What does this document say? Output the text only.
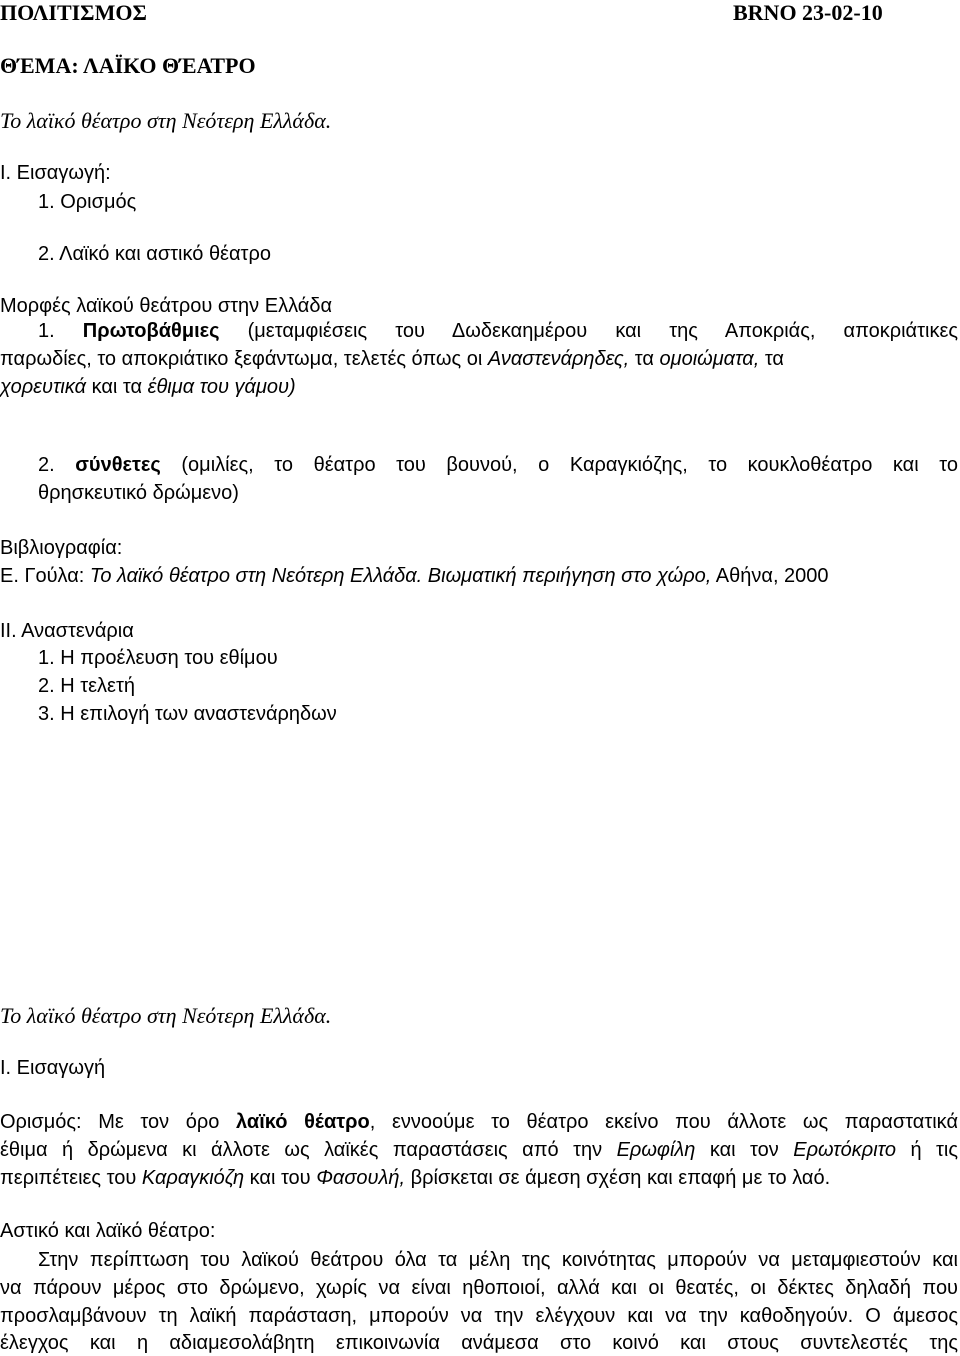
ΠΟΛΙΤΙΣΜΟΣ	BRNO 23-02-10
ΘΈΜΑ: ΛΑΪΚΟ ΘΈΑΤΡΟ
Το λαϊκό θέατρο στη Νεότερη Ελλάδα.
Ι. Εισαγωγή:
1. Ορισμός
2. Λαϊκό και αστικό θέατρο
Μορφές λαϊκού θεάτρου στην Ελλάδα
1. Πρωτοβάθμιες (μεταμφιέσεις του Δωδεκαημέρου και της Αποκριάς, αποκριάτικες
παρωδίες, το αποκριάτικο ξεφάντωμα, τελετές όπως οι Αναστενάρηδες, τα ομοιώματα, τα
χορευτικά και τα έθιμα του γάμου)
2. σύνθετες (ομιλίες, το θέατρο του βουνού, ο Καραγκιόζης, το κουκλοθέατρο και το
θρησκευτικό δρώμενο)
Βιβλιογραφία:
Ε. Γούλα: Το λαϊκό θέατρο στη Νεότερη Ελλάδα. Βιωματική περιήγηση στο χώρο, Αθήνα, 2000
ΙΙ. Αναστενάρια
1. Η προέλευση του εθίμου
2. Η τελετή
3. Η επιλογή των αναστενάρηδων
Το λαϊκό θέατρο στη Νεότερη Ελλάδα.
Ι. Εισαγωγή
Ορισμός: Με τον όρο λαϊκό θέατρο, εννοούμε το θέατρο εκείνο που άλλοτε ως παραστατικά
έθιμα ή δρώμενα κι άλλοτε ως λαϊκές παραστάσεις από την Ερωφίλη και τον Ερωτόκριτο ή τις
περιπέτειες του Καραγκιόζη και του Φασουλή, βρίσκεται σε άμεση σχέση και επαφή με το λαό.
Αστικό και λαϊκό θέατρο:
Στην περίπτωση του λαϊκού θεάτρου όλα τα μέλη της κοινότητας μπορούν να μεταμφιεστούν και
να πάρουν μέρος στο δρώμενο, χωρίς να είναι ηθοποιοί, αλλά και οι θεατές, οι δέκτες δηλαδή που
προσλαμβάνουν τη λαϊκή παράσταση, μπορούν να την ελέγχουν και να την καθοδηγούν. Ο άμεσος
έλεγχος και η αδιαμεσολάβητη επικοινωνία ανάμεσα στο κοινό και στους συντελεστές της
